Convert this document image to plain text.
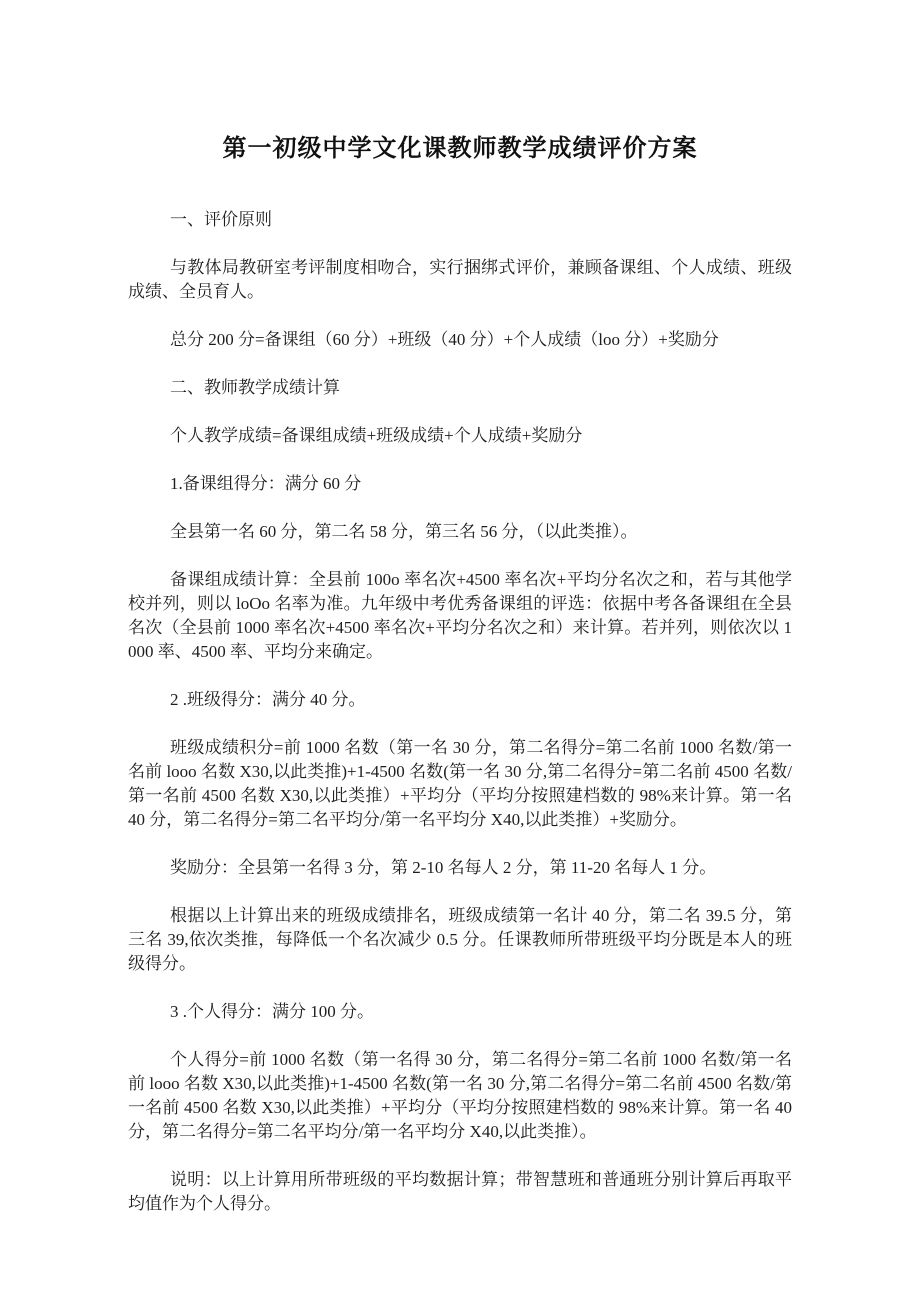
第一初级中学文化课教师教学成绩评价方案

一、评价原则

与教体局教研室考评制度相吻合，实行捆绑式评价，兼顾备课组、个人成绩、班级成绩、全员育人。

总分 200 分=备课组（60 分）+班级（40 分）+个人成绩（loo 分）+奖励分

二、教师教学成绩计算

个人教学成绩=备课组成绩+班级成绩+个人成绩+奖励分

1.备课组得分：满分 60 分

全县第一名 60 分，第二名 58 分，第三名 56 分，（以此类推）。

备课组成绩计算：全县前 100o 率名次+4500 率名次+平均分名次之和，若与其他学校并列，则以 loOo 名率为准。九年级中考优秀备课组的评选：依据中考各备课组在全县名次（全县前 1000 率名次+4500 率名次+平均分名次之和）来计算。若并列，则依次以 1000 率、4500 率、平均分来确定。

2 .班级得分：满分 40 分。

班级成绩积分=前 1000 名数（第一名 30 分，第二名得分=第二名前 1000 名数/第一名前 looo 名数 X30,以此类推)+1-4500 名数(第一名 30 分,第二名得分=第二名前 4500 名数/第一名前 4500 名数 X30,以此类推）+平均分（平均分按照建档数的 98%来计算。第一名 40 分，第二名得分=第二名平均分/第一名平均分 X40,以此类推）+奖励分。

奖励分：全县第一名得 3 分，第 2-10 名每人 2 分，第 11-20 名每人 1 分。

根据以上计算出来的班级成绩排名，班级成绩第一名计 40 分，第二名 39.5 分，第三名 39,依次类推，每降低一个名次减少 0.5 分。任课教师所带班级平均分既是本人的班级得分。

3 .个人得分：满分 100 分。

个人得分=前 1000 名数（第一名得 30 分，第二名得分=第二名前 1000 名数/第一名前 looo 名数 X30,以此类推)+1-4500 名数(第一名 30 分,第二名得分=第二名前 4500 名数/第一名前 4500 名数 X30,以此类推）+平均分（平均分按照建档数的 98%来计算。第一名 40 分，第二名得分=第二名平均分/第一名平均分 X40,以此类推）。

说明：以上计算用所带班级的平均数据计算；带智慧班和普通班分别计算后再取平均值作为个人得分。
